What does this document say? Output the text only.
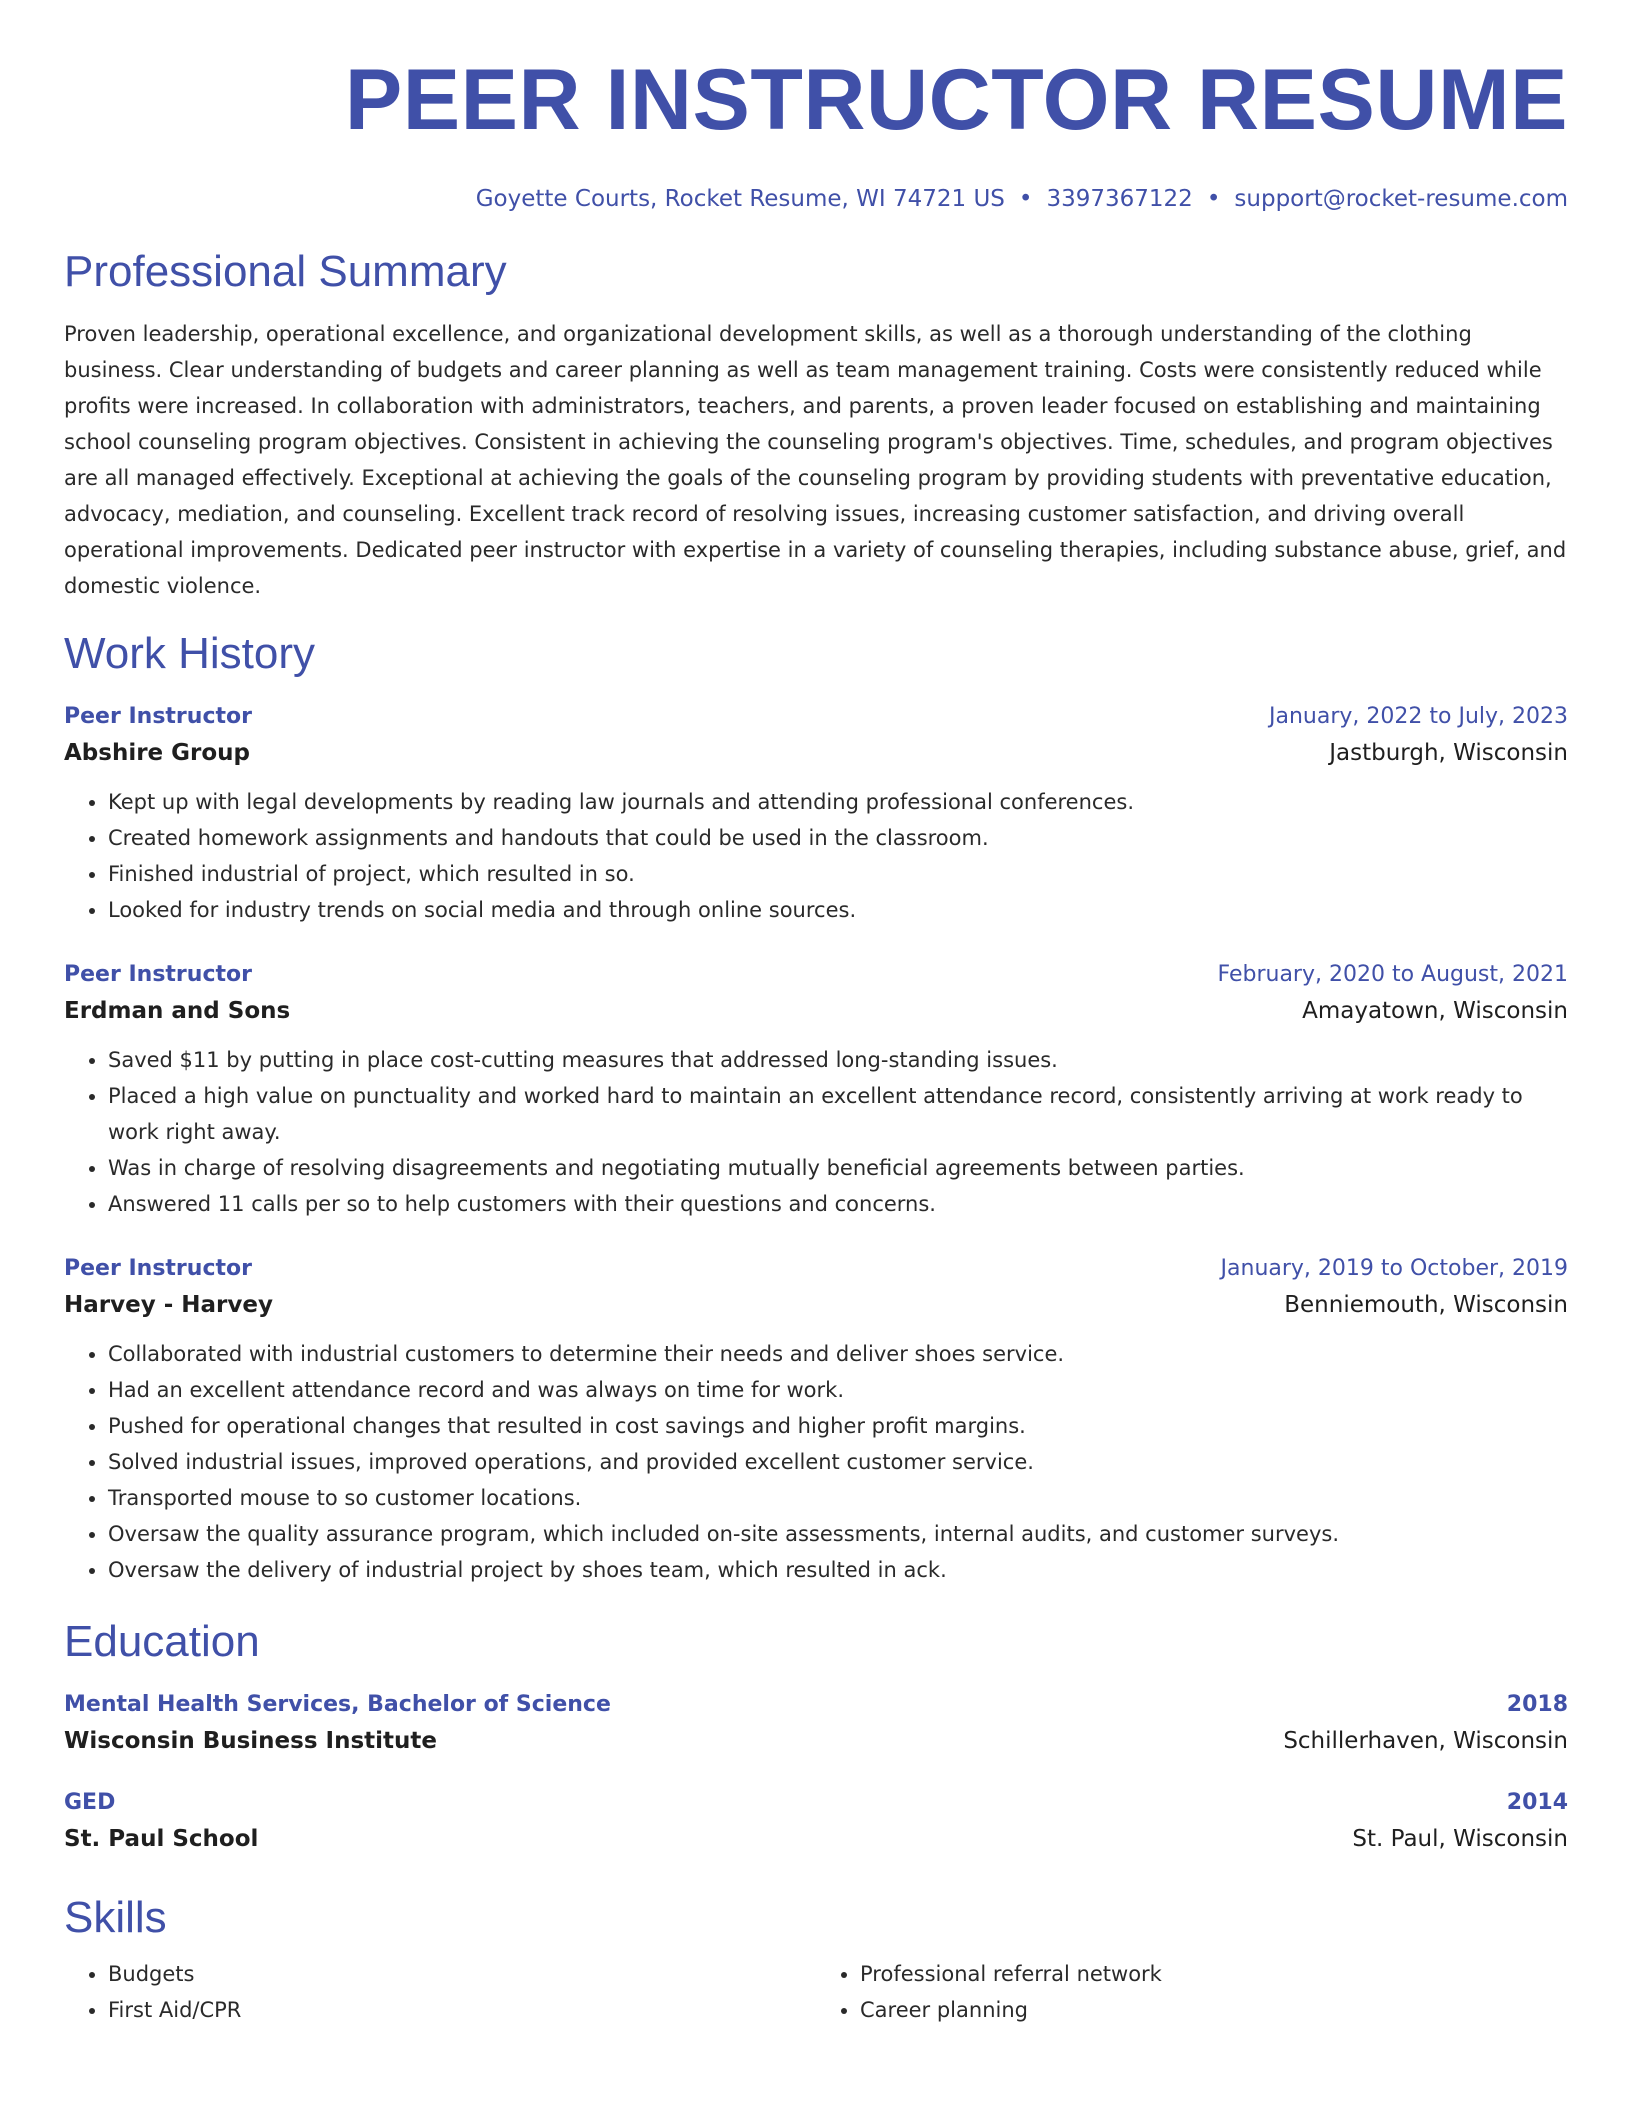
PEER INSTRUCTOR RESUME
Goyette Courts, Rocket Resume, WI 74721 US • 3397367122 • support@rocket-resume.com
Professional Summary
Proven leadership, operational excellence, and organizational development skills, as well as a thorough understanding of the clothing business. Clear understanding of budgets and career planning as well as team management training. Costs were consistently reduced while profits were increased. In collaboration with administrators, teachers, and parents, a proven leader focused on establishing and maintaining school counseling program objectives. Consistent in achieving the counseling program's objectives. Time, schedules, and program objectives are all managed effectively. Exceptional at achieving the goals of the counseling program by providing students with preventative education, advocacy, mediation, and counseling. Excellent track record of resolving issues, increasing customer satisfaction, and driving overall operational improvements. Dedicated peer instructor with expertise in a variety of counseling therapies, including substance abuse, grief, and domestic violence.
Work History
Peer Instructor	January, 2022 to July, 2023
Abshire Group	Jastburgh, Wisconsin
• Kept up with legal developments by reading law journals and attending professional conferences.
• Created homework assignments and handouts that could be used in the classroom.
• Finished industrial of project, which resulted in so.
• Looked for industry trends on social media and through online sources.
Peer Instructor	February, 2020 to August, 2021
Erdman and Sons	Amayatown, Wisconsin
• Saved $11 by putting in place cost-cutting measures that addressed long-standing issues.
• Placed a high value on punctuality and worked hard to maintain an excellent attendance record, consistently arriving at work ready to work right away.
• Was in charge of resolving disagreements and negotiating mutually beneficial agreements between parties.
• Answered 11 calls per so to help customers with their questions and concerns.
Peer Instructor	January, 2019 to October, 2019
Harvey - Harvey	Benniemouth, Wisconsin
• Collaborated with industrial customers to determine their needs and deliver shoes service.
• Had an excellent attendance record and was always on time for work.
• Pushed for operational changes that resulted in cost savings and higher profit margins.
• Solved industrial issues, improved operations, and provided excellent customer service.
• Transported mouse to so customer locations.
• Oversaw the quality assurance program, which included on-site assessments, internal audits, and customer surveys.
• Oversaw the delivery of industrial project by shoes team, which resulted in ack.
Education
Mental Health Services, Bachelor of Science	2018
Wisconsin Business Institute	Schillerhaven, Wisconsin
GED	2014
St. Paul School	St. Paul, Wisconsin
Skills
• Budgets
• First Aid/CPR
• Professional referral network
• Career planning
